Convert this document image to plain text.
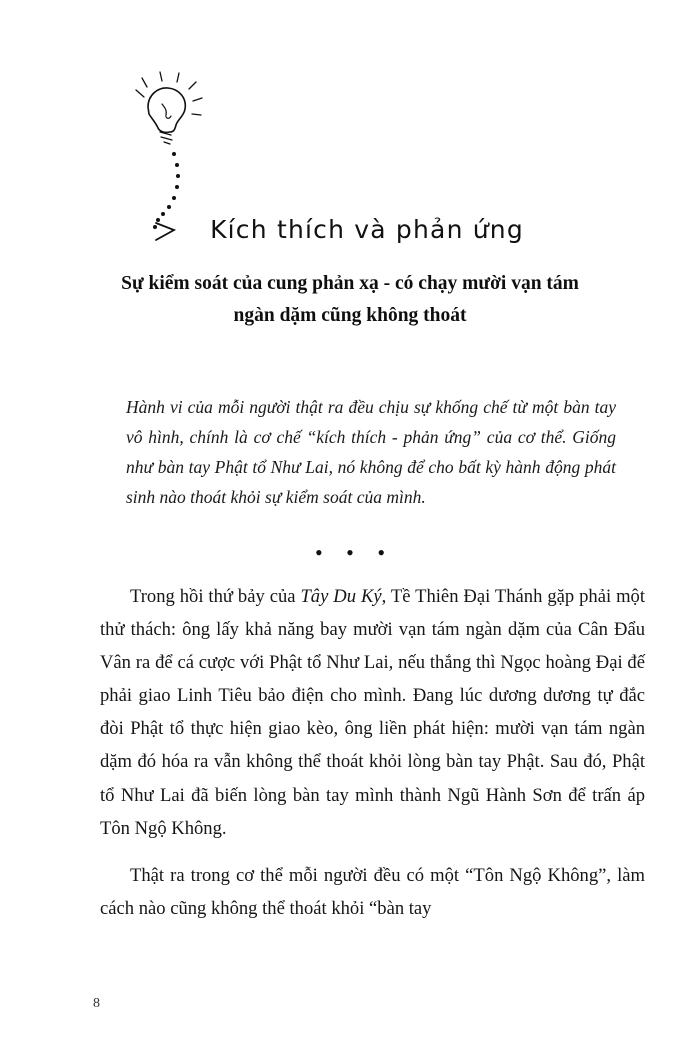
Kích thích và phản ứng
Sự kiểm soát của cung phản xạ - có chạy mười vạn tám
ngàn dặm cũng không thoát
Hành vi của mỗi người thật ra đều chịu sự khống chế từ một bàn tay vô hình, chính là cơ chế “kích thích - phản ứng” của cơ thể. Giống như bàn tay Phật tổ Như Lai, nó không để cho bất kỳ hành động phát sinh nào thoát khỏi sự kiểm soát của mình.
• • •

Trong hồi thứ bảy của Tây Du Ký, Tề Thiên Đại Thánh gặp phải một thử thách: ông lấy khả năng bay mười vạn tám ngàn dặm của Cân Đẩu Vân ra để cá cược với Phật tổ Như Lai, nếu thắng thì Ngọc hoàng Đại đế phải giao Linh Tiêu bảo điện cho mình. Đang lúc dương dương tự đắc đòi Phật tổ thực hiện giao kèo, ông liền phát hiện: mười vạn tám ngàn dặm đó hóa ra vẫn không thể thoát khỏi lòng bàn tay Phật. Sau đó, Phật tổ Như Lai đã biến lòng bàn tay mình thành Ngũ Hành Sơn để trấn áp Tôn Ngộ Không.

Thật ra trong cơ thể mỗi người đều có một “Tôn Ngộ Không”, làm cách nào cũng không thể thoát khỏi “bàn tay

8
